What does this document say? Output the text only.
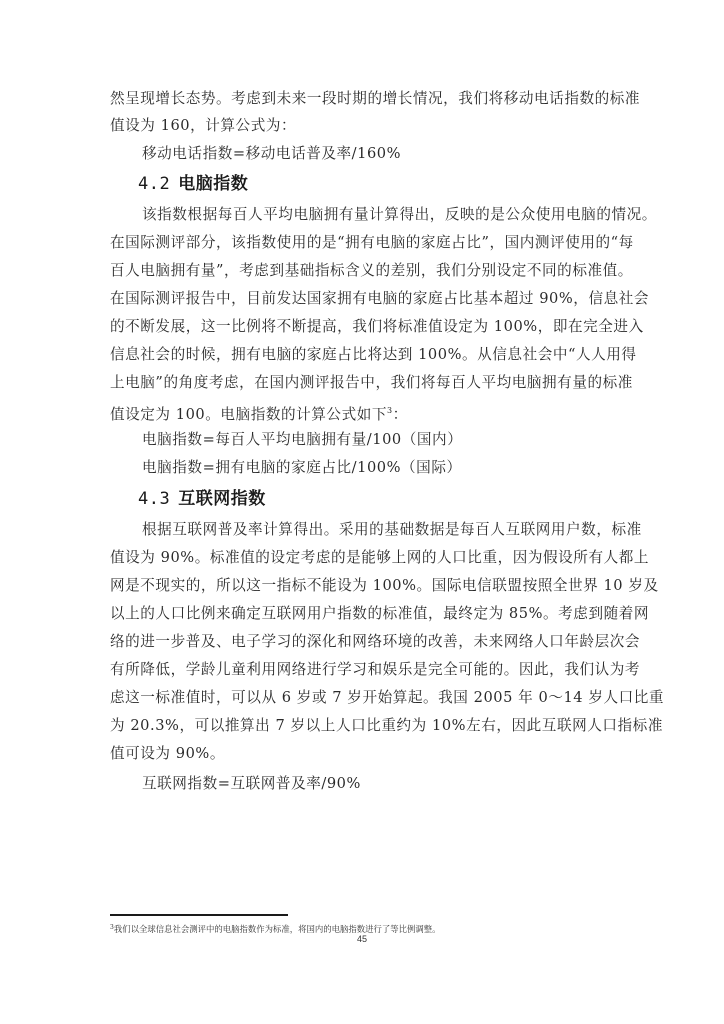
然呈现增长态势。考虑到未来一段时期的增长情况，我们将移动电话指数的标准
值设为 160，计算公式为：
移动电话指数=移动电话普及率/160%
4.2 电脑指数
该指数根据每百人平均电脑拥有量计算得出，反映的是公众使用电脑的情况。
在国际测评部分，该指数使用的是“拥有电脑的家庭占比”，国内测评使用的“每
百人电脑拥有量”，考虑到基础指标含义的差别，我们分别设定不同的标准值。
在国际测评报告中，目前发达国家拥有电脑的家庭占比基本超过 90%，信息社会
的不断发展，这一比例将不断提高，我们将标准值设定为 100%，即在完全进入
信息社会的时候，拥有电脑的家庭占比将达到 100%。从信息社会中“人人用得
上电脑”的角度考虑，在国内测评报告中，我们将每百人平均电脑拥有量的标准
值设定为 100。电脑指数的计算公式如下$^3$：
电脑指数=每百人平均电脑拥有量/100（国内）
电脑指数=拥有电脑的家庭占比/100%（国际）
4.3 互联网指数
根据互联网普及率计算得出。采用的基础数据是每百人互联网用户数，标准
值设为 90%。标准值的设定考虑的是能够上网的人口比重，因为假设所有人都上
网是不现实的，所以这一指标不能设为 100%。国际电信联盟按照全世界 10 岁及
以上的人口比例来确定互联网用户指数的标准值，最终定为 85%。考虑到随着网
络的进一步普及、电子学习的深化和网络环境的改善，未来网络人口年龄层次会
有所降低，学龄儿童利用网络进行学习和娱乐是完全可能的。因此，我们认为考
虑这一标准值时，可以从 6 岁或 7 岁开始算起。我国 2005 年 0～14 岁人口比重
为 20.3%，可以推算出 7 岁以上人口比重约为 10%左右，因此互联网人口指标准
值可设为 90%。
互联网指数=互联网普及率/90%
$^3$我们以全球信息社会测评中的电脑指数作为标准，将国内的电脑指数进行了等比例调整。
45
